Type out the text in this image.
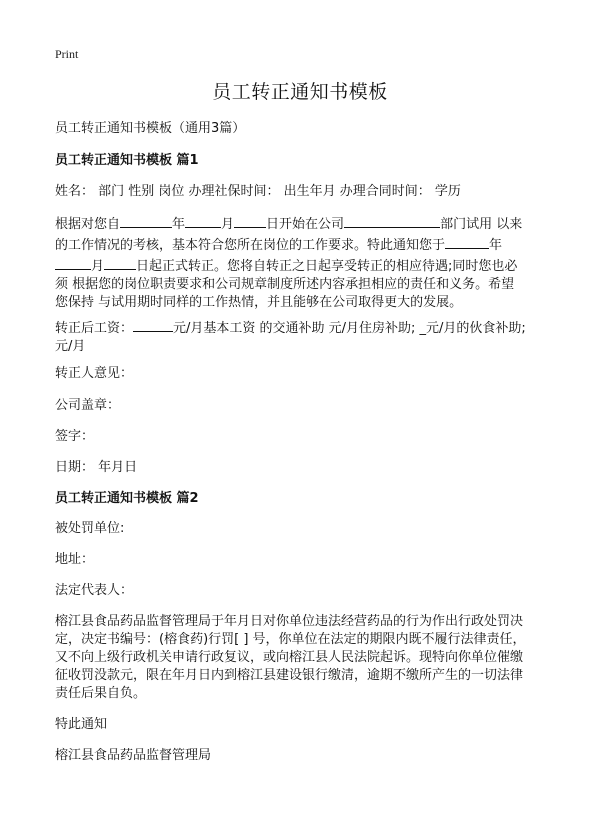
Print
员工转正通知书模板
员工转正通知书模板（通用3篇）
员工转正通知书模板 篇1
姓名： 部门 性别 岗位 办理社保时间： 出生年月 办理合同时间： 学历
根据对您自	年	月 日开始在公司	部门试用 以来
的工作情况的考核，基本符合您所在岗位的工作要求。特此通知您于	年
月 日起正式转正。您将自转正之日起享受转正的相应待遇;同时您也必
须 根据您的岗位职责要求和公司规章制度所述内容承担相应的责任和义务。希望
您保持 与试用期时同样的工作热情，并且能够在公司取得更大的发展。
转正后工资：	元/月基本工资 的交通补助 元/月住房补助; _元/月的伙食补助;
元/月
转正人意见：
公司盖章：
签字：
日期： 年月日
员工转正通知书模板 篇2
被处罚单位:
地址：
法定代表人：
榕江县食品药品监督管理局于年月日对你单位违法经营药品的行为作出行政处罚决
定，决定书编号：(榕食药)行罚[ ] 号，你单位在法定的期限内既不履行法律责任，
又不向上级行政机关申请行政复议，或向榕江县人民法院起诉。现特向你单位催缴
征收罚没款元，限在年月日内到榕江县建设银行缴清，逾期不缴所产生的一切法律
责任后果自负。
特此通知
榕江县食品药品监督管理局
